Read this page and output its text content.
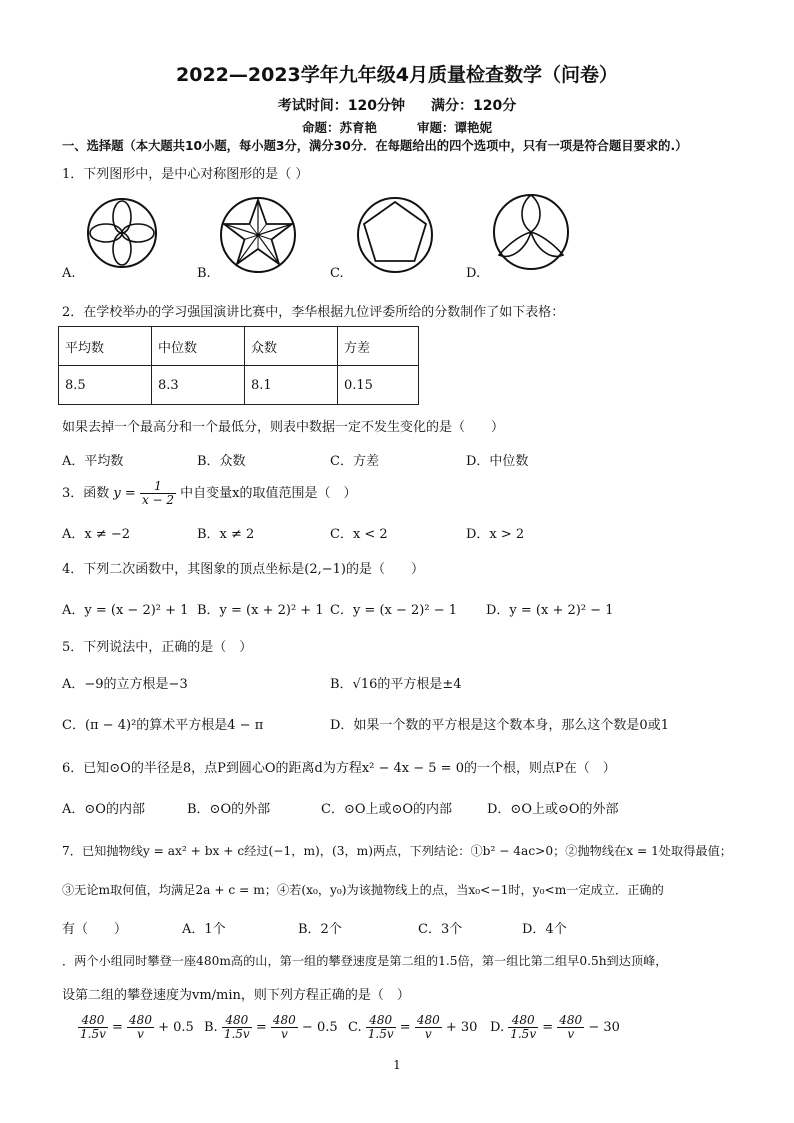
2022—2023学年九年级4月质量检查数学（问卷）
考试时间：120分钟 满分：120分
命题：苏育艳	审题：谭艳妮
一、选择题（本大题共10小题，每小题3分，满分30分．在每题给出的四个选项中，只有一项是符合题目要求的.）
1．下列图形中，是中心对称图形的是（ ）
A.	B.	C.	D.
2．在学校举办的学习强国演讲比赛中，李华根据九位评委所给的分数制作了如下表格：
平均数	中位数	众数	方差
8.5	8.3	8.1	0.15
如果去掉一个最高分和一个最低分，则表中数据一定不发生变化的是（　　）
A．平均数	B．众数	C．方差	D．中位数
3．函数 $y = \frac{1}{x - 2}$ 中自变量x的取值范围是（　）
A．x ≠ −2	B．x ≠ 2	C．x < 2	D．x > 2
4．下列二次函数中，其图象的顶点坐标是(2,−1)的是（　　）
A．y = (x − 2)² + 1 B．y = (x + 2)² + 1 C．y = (x − 2)² − 1 D．y = (x + 2)² − 1
5．下列说法中，正确的是（　）
A．−9的立方根是−3	B．√16的平方根是±4
C．(π − 4)²的算术平方根是4 − π	D．如果一个数的平方根是这个数本身，那么这个数是0或1
6．已知⊙O的半径是8，点P到圆心O的距离d为方程x² − 4x − 5 = 0的一个根，则点P在（　）
A．⊙O的内部	B．⊙O的外部	C．⊙O上或⊙O的内部	D．⊙O上或⊙O的外部
7．已知抛物线y = ax² + bx + c经过(−1，m)，(3，m)两点，下列结论：①b² − 4ac>0；②抛物线在x = 1处取得最值；
③无论m取何值，均满足2a + c = m；④若(x₀，y₀)为该抛物线上的点，当x₀<−1时，y₀<m一定成立．正确的
有（　　）	A．1个	B．2个	C．3个	D．4个
．两个小组同时攀登一座480m高的山，第一组的攀登速度是第二组的1.5倍，第一组比第二组早0.5h到达顶峰，
设第二组的攀登速度为vm/min，则下列方程正确的是（　）
$\frac{480}{1.5v} = \frac{480}{v} + 0.5$ B. $\frac{480}{1.5v} = \frac{480}{v} - 0.5$ C. $\frac{480}{1.5v} = \frac{480}{v} + 30$ D. $\frac{480}{1.5v} = \frac{480}{v} - 30$
1
